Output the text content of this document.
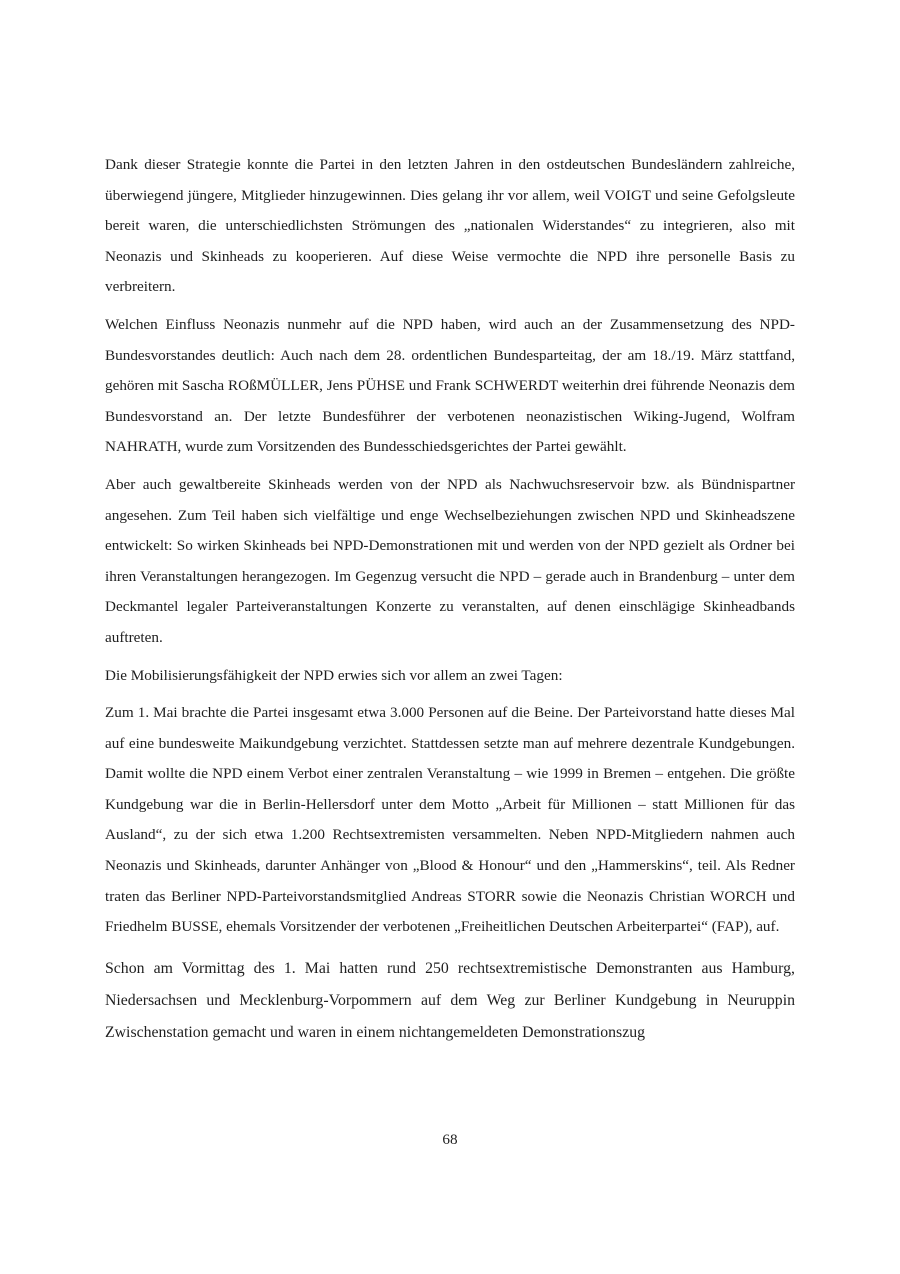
Dank dieser Strategie konnte die Partei in den letzten Jahren in den ostdeutschen Bundesländern zahlreiche, überwiegend jüngere, Mitglieder hinzugewinnen. Dies gelang ihr vor allem, weil VOIGT und seine Gefolgsleute bereit waren, die unterschiedlichsten Strömungen des „nationalen Widerstandes“ zu integrieren, also mit Neonazis und Skinheads zu kooperieren. Auf diese Weise vermochte die NPD ihre personelle Basis zu verbreitern.

Welchen Einfluss Neonazis nunmehr auf die NPD haben, wird auch an der Zusammensetzung des NPD-Bundesvorstandes deutlich: Auch nach dem 28. ordentlichen Bundesparteitag, der am 18./19. März stattfand, gehören mit Sascha ROßMÜLLER, Jens PÜHSE und Frank SCHWERDT weiterhin drei führende Neonazis dem Bundesvorstand an. Der letzte Bundesführer der verbotenen neonazistischen Wiking-Jugend, Wolfram NAHRATH, wurde zum Vorsitzenden des Bundesschiedsgerichtes der Partei gewählt.

Aber auch gewaltbereite Skinheads werden von der NPD als Nachwuchsreservoir bzw. als Bündnispartner angesehen. Zum Teil haben sich vielfältige und enge Wechselbeziehungen zwischen NPD und Skinheadszene entwickelt: So wirken Skinheads bei NPD-Demonstrationen mit und werden von der NPD gezielt als Ordner bei ihren Veranstaltungen herangezogen. Im Gegenzug versucht die NPD – gerade auch in Brandenburg – unter dem Deckmantel legaler Parteiveranstaltungen Konzerte zu veranstalten, auf denen einschlägige Skinheadbands auftreten.

Die Mobilisierungsfähigkeit der NPD erwies sich vor allem an zwei Tagen:

Zum 1. Mai brachte die Partei insgesamt etwa 3.000 Personen auf die Beine. Der Parteivorstand hatte dieses Mal auf eine bundesweite Maikundgebung verzichtet. Stattdessen setzte man auf mehrere dezentrale Kundgebungen. Damit wollte die NPD einem Verbot einer zentralen Veranstaltung – wie 1999 in Bremen – entgehen. Die größte Kundgebung war die in Berlin-Hellersdorf unter dem Motto „Arbeit für Millionen – statt Millionen für das Ausland“, zu der sich etwa 1.200 Rechtsextremisten versammelten. Neben NPD-Mitgliedern nahmen auch Neonazis und Skinheads, darunter Anhänger von „Blood & Honour“ und den „Hammerskins“, teil. Als Redner traten das Berliner NPD-Parteivorstandsmitglied Andreas STORR sowie die Neonazis Christian WORCH und Friedhelm BUSSE, ehemals Vorsitzender der verbotenen „Freiheitlichen Deutschen Arbeiterpartei“ (FAP), auf.

Schon am Vormittag des 1. Mai hatten rund 250 rechtsextremistische Demonstranten aus Hamburg, Niedersachsen und Mecklenburg-Vorpommern auf dem Weg zur Berliner Kundgebung in Neuruppin Zwischenstation gemacht und waren in einem nichtangemeldeten Demonstrationszug

68
